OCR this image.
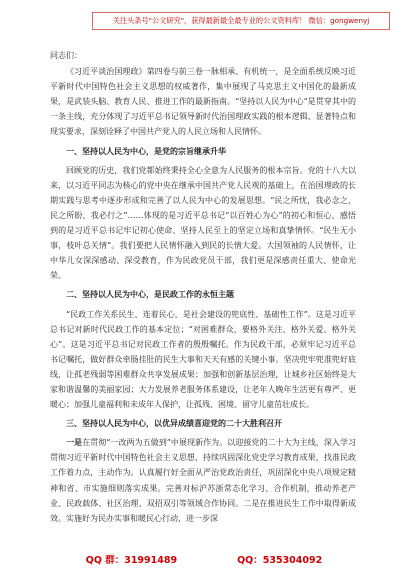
关注头条号"公文研究"，获得最新最全最专业的公文资料库！ 微信：gongwenyj

同志们：

《习近平谈治国理政》第四卷与前三卷一脉相承、有机统一，是全面系统反映习近平新时代中国特色社会主义思想的权威著作，集中展现了马克思主义中国化的最新成果，是武装头脑、教育人民、推进工作的最新指南。“坚持以人民为中心”是贯穿其中的一条主线，充分体现了习近平总书记领导新时代治国理政实践的根本逻辑、显著特点和现实要求，深刻诠释了中国共产党人的人民立场和人民情怀。

一、坚持以人民为中心，是党的宗旨继承升华

回顾党的历史，我们党都始终秉持全心全意为人民服务的根本宗旨。党的十八大以来，以习近平同志为核心的党中央在继承中国共产党人民观的基础上，在治国理政的长期实践与思考中逐步形成和完善了以人民为中心的发展思想。“民之所忧，我必念之，民之所盼，我必行之”……体现的是习近平总书记“以百姓心为心”的初心和恒心，感悟到的是习近平总书记牢记初心使命、坚持人民至上的坚定立场和真挚情怀。“民生无小事，枝叶总关情”。我们要把人民情怀融入到民的长情大爱。大国领袖的人民情怀，让中华儿女深深感动、深受教育，作为民政党员干部，我们更是深感责任重大、使命光荣。

二、坚持以人民为中心，是民政工作的永恒主题

“民政工作关系民生、连着民心，是社会建设的兜底性、基础性工作”。这是习近平总书记对新时代民政工作的基本定位；“对困难群众，要格外关注、格外关爱、格外关心”。这是习近平总书记对民政工作者的殷殷嘱托。作为民政干部，必须牢记习近平总书记嘱托，做好群众牵肠挂肚的民生大事和天天有感的关键小事。坚决兜牢兜准兜好底线，让孤老残弱等困难群众共享发展成果；加强和创新基层治理，让城乡社区始终是大家和谐温馨的美丽家园；大力发展养老服务体系建设，让老年人晚年生活更有尊严、更暖心；加强儿童福利和未成年人保护，让孤残、困境、留守儿童茁壮成长。

三、坚持以人民为中心，以优异成绩喜迎党的二十大胜利召开

一是在贯彻“一改两为五做到”中展现新作为。以迎接党的二十大为主线，深入学习贯彻习近平新时代中国特色社会主义思想，持续巩固深化党史学习教育成果，找准民政工作着力点，主动作为。认真履行好全面从严治党政治责任，巩固深化中央八项规定精神和省、市实施细则落实成果。完善对标沪苏浙常态化学习、合作机制，推动养老产业、民政载体、社区治理、双招双引等领域合作协同。二是在推进民生工作中取得新成效。实施好为民办实事和暖民心行动，进一步深

QQ 群：31991489	QQ：535304092
